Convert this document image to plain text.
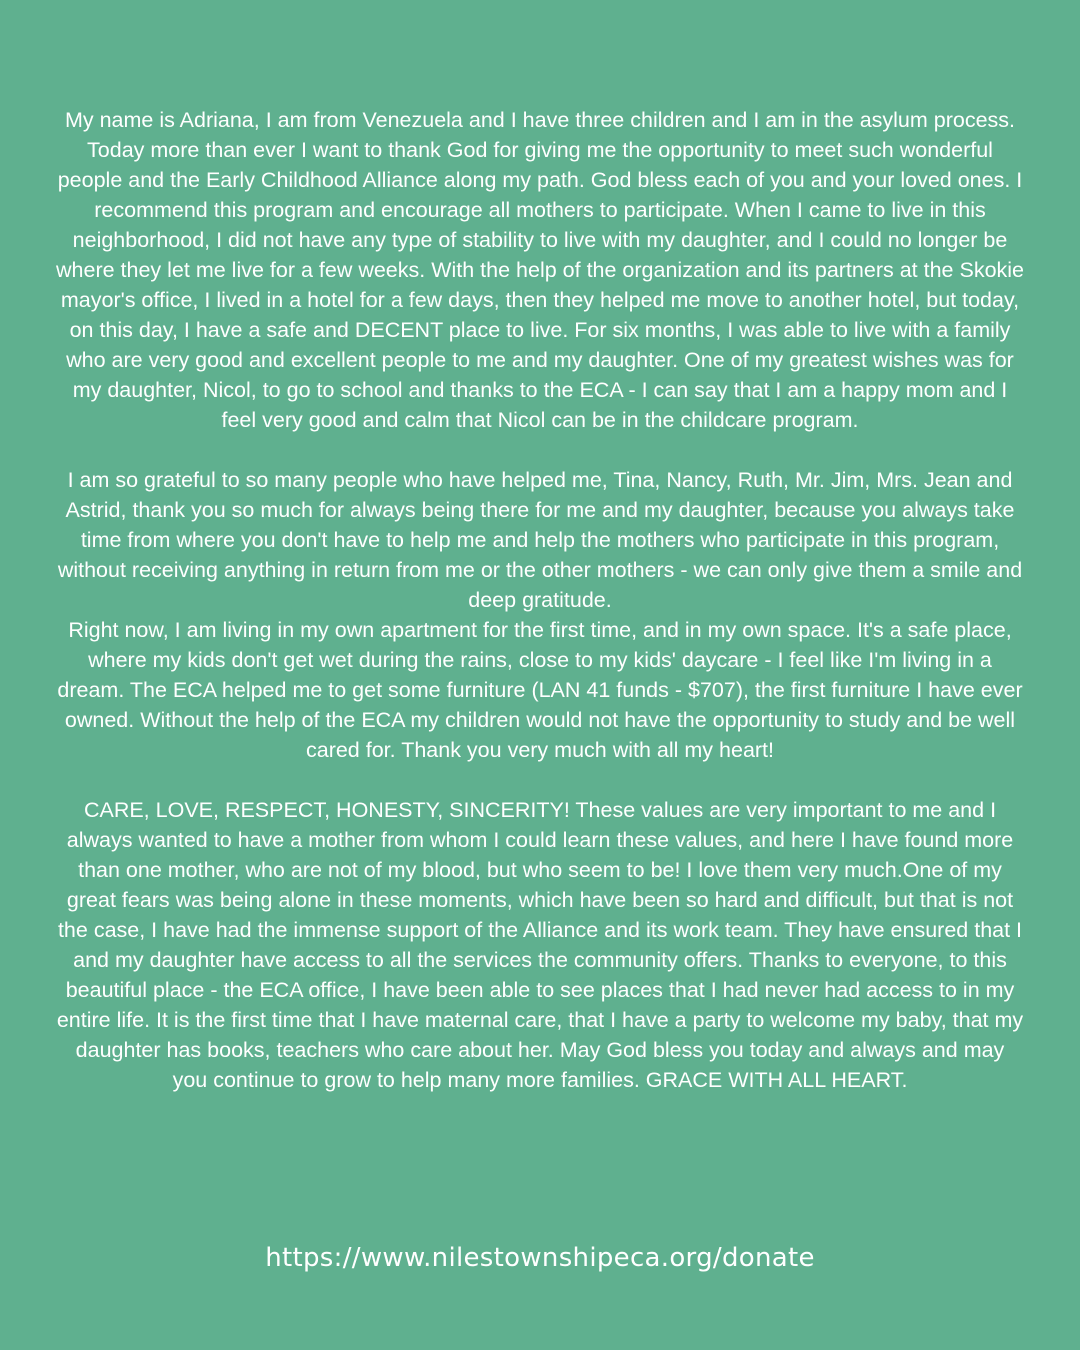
My name is Adriana, I am from Venezuela and I have three children and I am in the asylum process. Today more than ever I want to thank God for giving me the opportunity to meet such wonderful people and the Early Childhood Alliance along my path. God bless each of you and your loved ones. I recommend this program and encourage all mothers to participate. When I came to live in this neighborhood, I did not have any type of stability to live with my daughter, and I could no longer be where they let me live for a few weeks. With the help of the organization and its partners at the Skokie mayor's office, I lived in a hotel for a few days, then they helped me move to another hotel, but today, on this day, I have a safe and DECENT place to live. For six months, I was able to live with a family who are very good and excellent people to me and my daughter. One of my greatest wishes was for my daughter, Nicol, to go to school and thanks to the ECA - I can say that I am a happy mom and I feel very good and calm that Nicol can be in the childcare program.

I am so grateful to so many people who have helped me, Tina, Nancy, Ruth, Mr. Jim, Mrs. Jean and Astrid, thank you so much for always being there for me and my daughter, because you always take time from where you don't have to help me and help the mothers who participate in this program, without receiving anything in return from me or the other mothers - we can only give them a smile and deep gratitude.

Right now, I am living in my own apartment for the first time, and in my own space. It's a safe place, where my kids don't get wet during the rains, close to my kids' daycare - I feel like I'm living in a dream. The ECA helped me to get some furniture (LAN 41 funds - $707), the first furniture I have ever owned. Without the help of the ECA my children would not have the opportunity to study and be well cared for. Thank you very much with all my heart!

CARE, LOVE, RESPECT, HONESTY, SINCERITY! These values are very important to me and I always wanted to have a mother from whom I could learn these values, and here I have found more than one mother, who are not of my blood, but who seem to be! I love them very much.One of my great fears was being alone in these moments, which have been so hard and difficult, but that is not the case, I have had the immense support of the Alliance and its work team. They have ensured that I and my daughter have access to all the services the community offers. Thanks to everyone, to this beautiful place - the ECA office, I have been able to see places that I had never had access to in my entire life. It is the first time that I have maternal care, that I have a party to welcome my baby, that my daughter has books, teachers who care about her. May God bless you today and always and may you continue to grow to help many more families. GRACE WITH ALL HEART.

https://www.nilestownshipeca.org/donate
